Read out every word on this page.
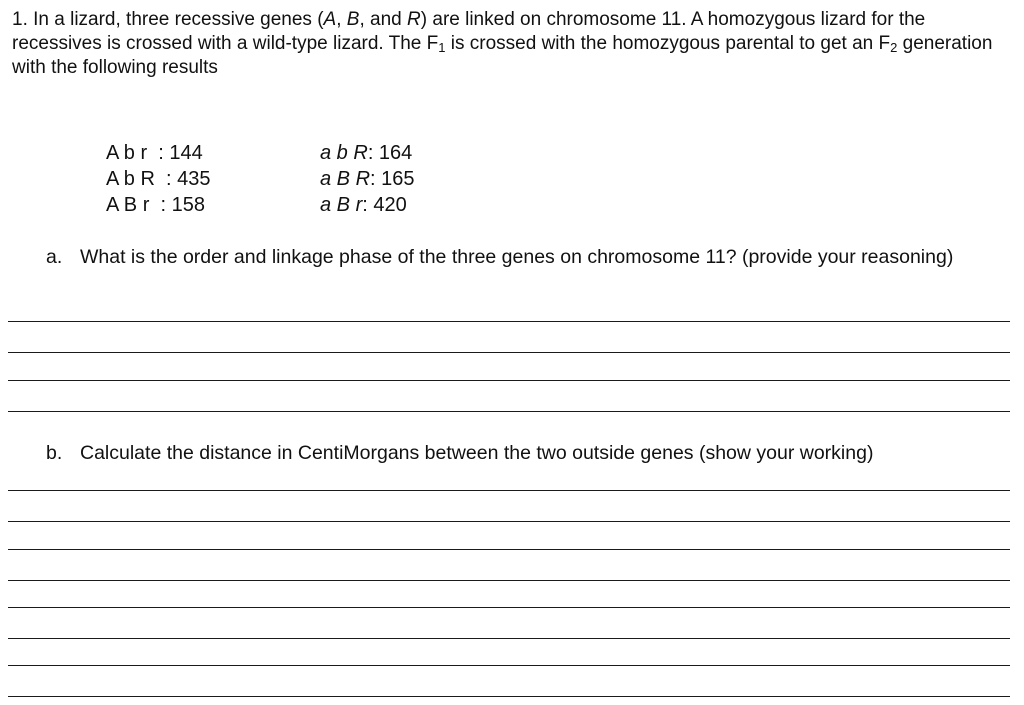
1. In a lizard, three recessive genes (A, B, and R) are linked on chromosome 11. A homozygous lizard for the recessives is crossed with a wild-type lizard. The $F_1$ is crossed with the homozygous parental to get an $F_2$ generation with the following results

A b r  : 144
A b R  : 435
A B r  : 158
a b R: 164
a B R: 165
a B r: 420

a. What is the order and linkage phase of the three genes on chromosome 11? (provide your reasoning)

b. Calculate the distance in CentiMorgans between the two outside genes (show your working)
